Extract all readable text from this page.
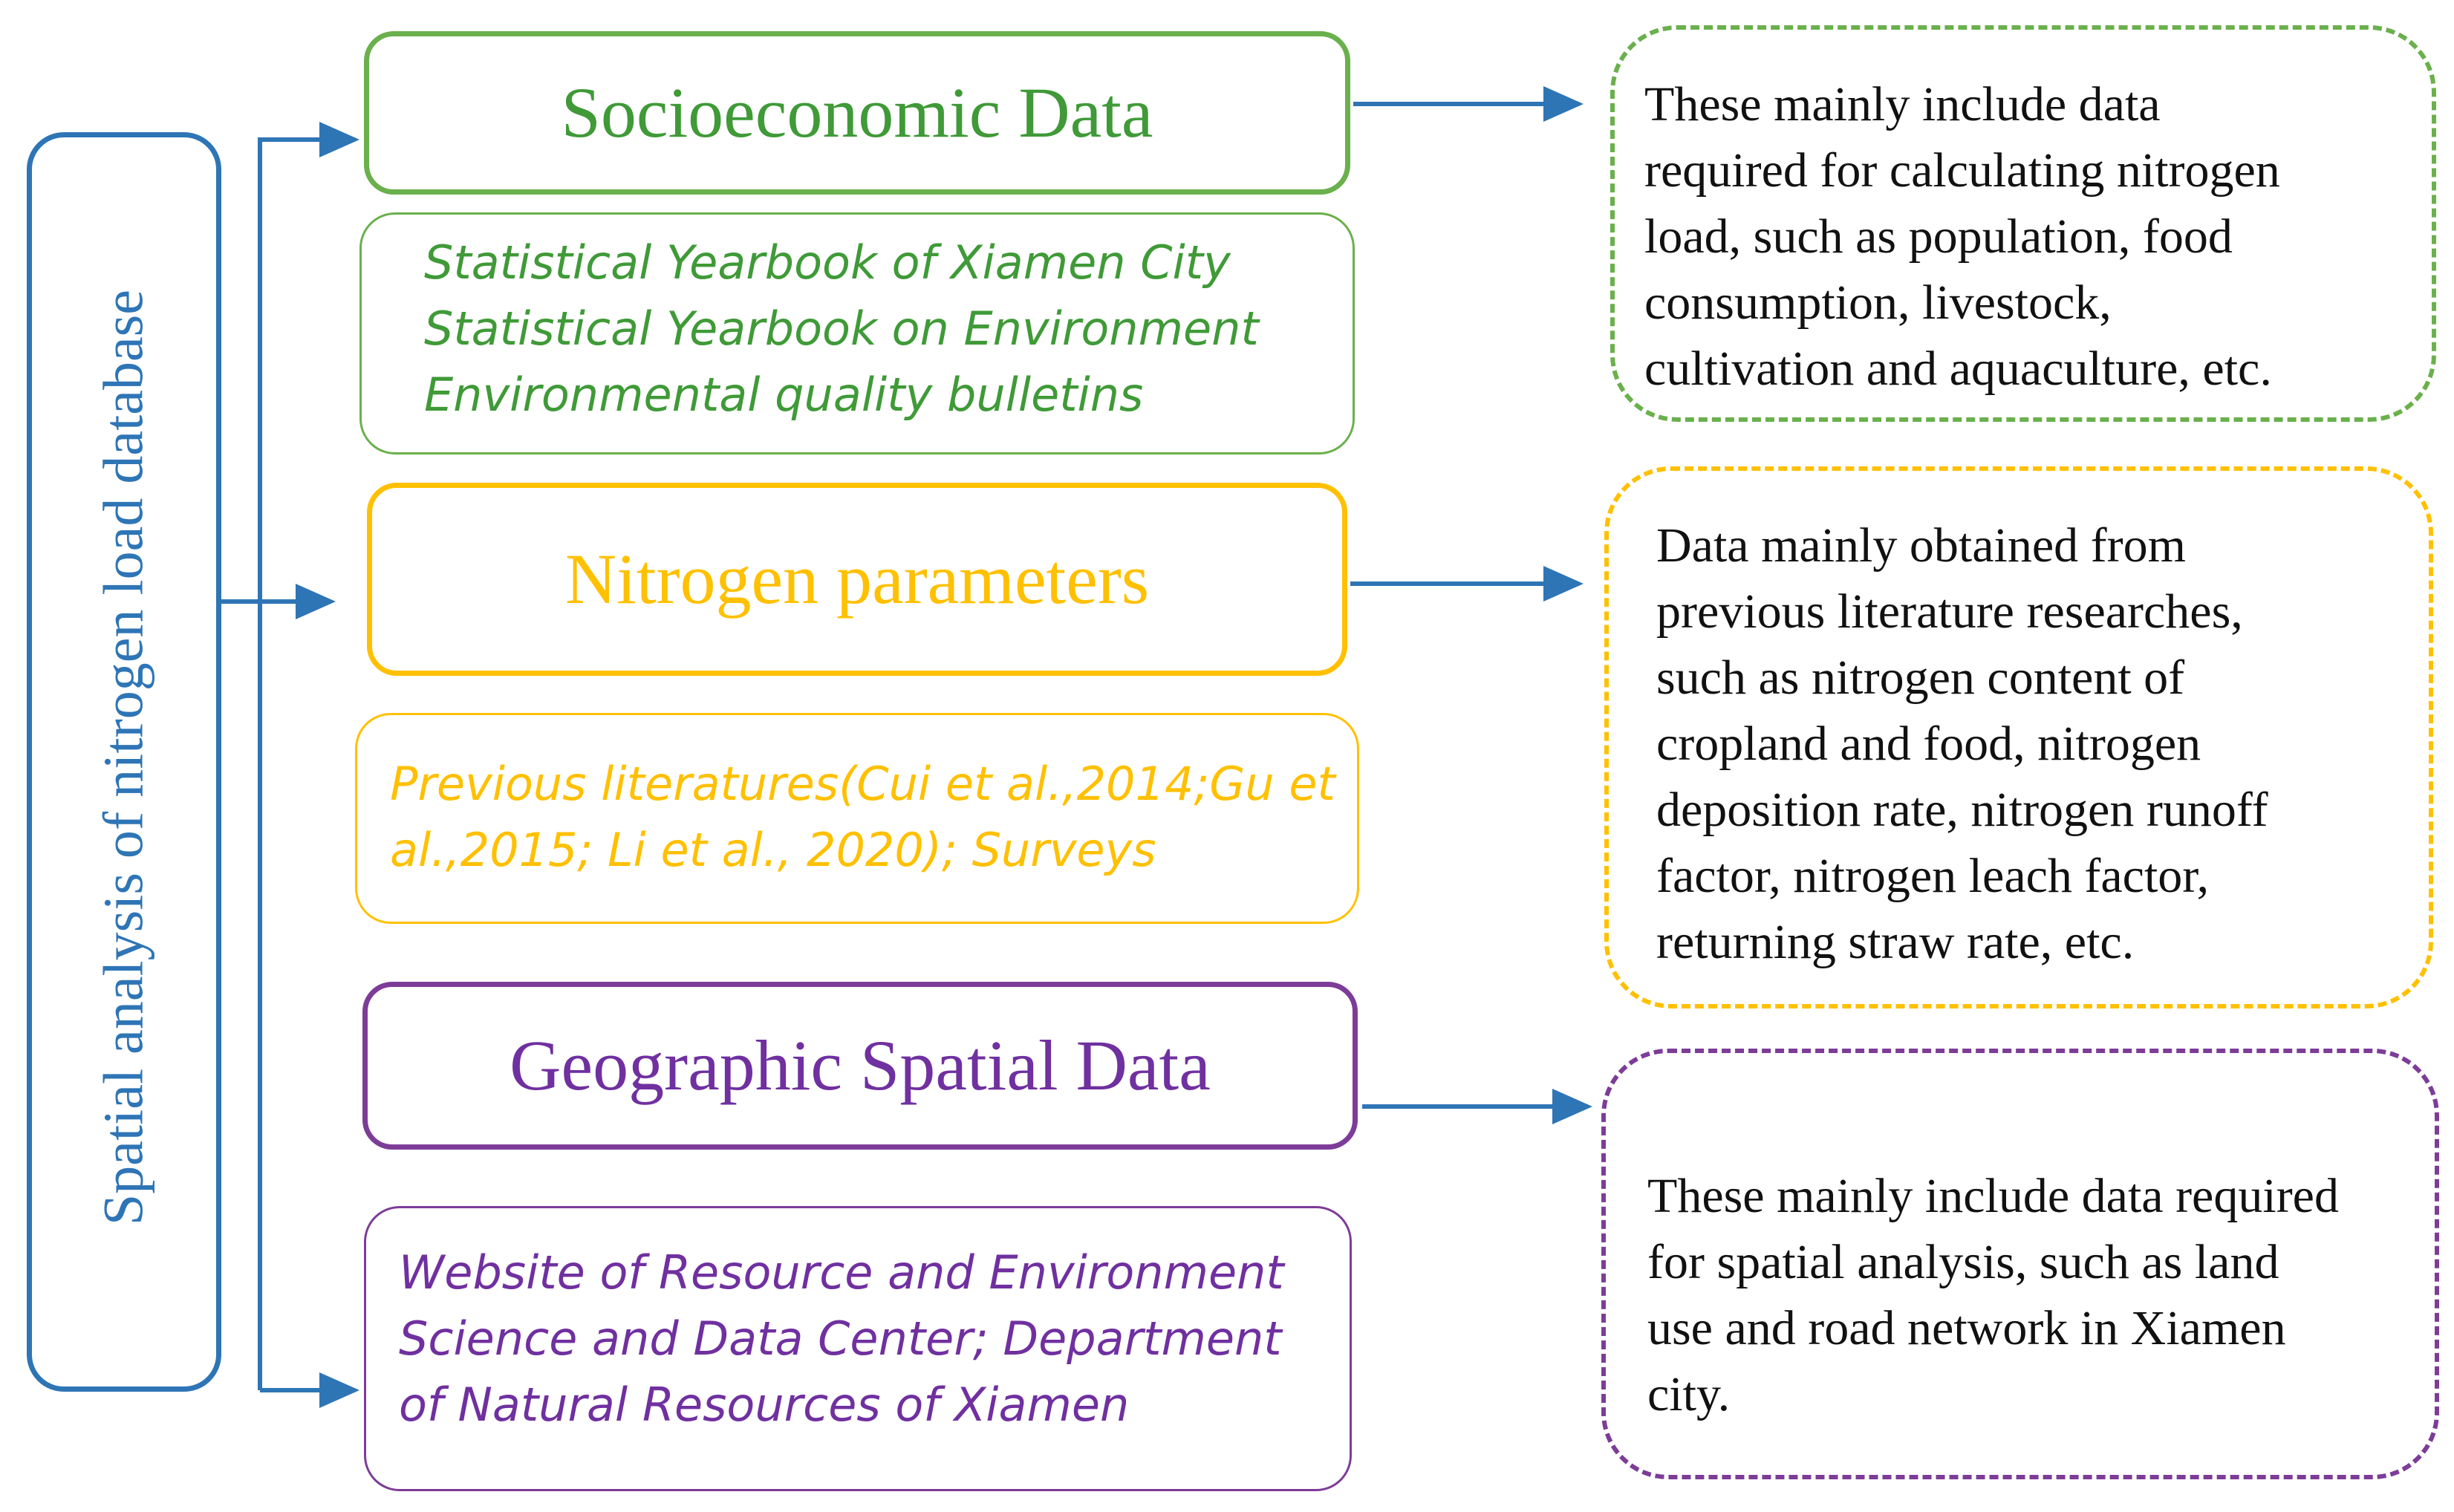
Spatial analysis of nitrogen load database
Socioeconomic Data
Statistical Yearbook of Xiamen City
Statistical Yearbook on Environment
Environmental quality bulletins
These mainly include data
required for calculating nitrogen
load, such as population, food
consumption, livestock,
cultivation and aquaculture, etc.
Nitrogen parameters
Previous literatures(Cui et al.,2014;Gu et
al.,2015; Li et al., 2020); Surveys
Data mainly obtained from
previous literature researches,
such as nitrogen content of
cropland and food, nitrogen
deposition rate, nitrogen runoff
factor, nitrogen leach factor,
returning straw rate, etc.
Geographic Spatial Data
Website of Resource and Environment
Science and Data Center; Department
of Natural Resources of Xiamen
These mainly include data required
for spatial analysis, such as land
use and road network in Xiamen
city.
